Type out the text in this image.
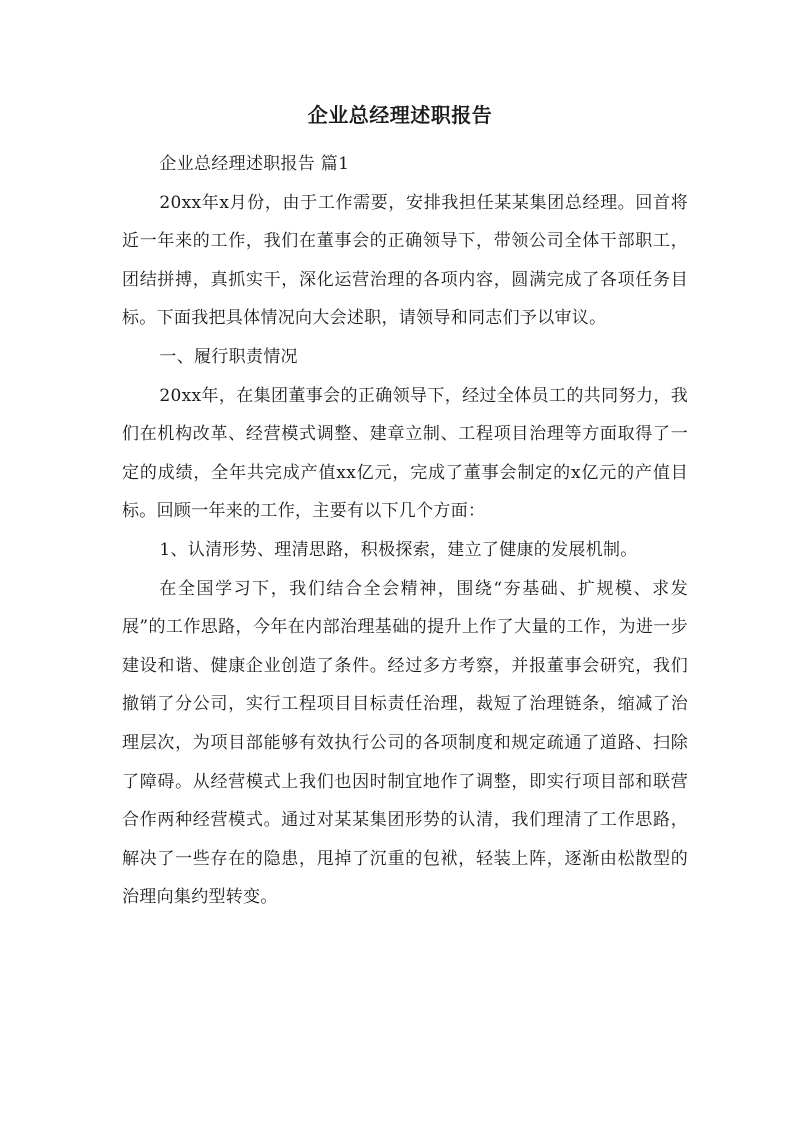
企业总经理述职报告

企业总经理述职报告 篇1

20xx年x月份，由于工作需要，安排我担任某某集团总经理。回首将近一年来的工作，我们在董事会的正确领导下，带领公司全体干部职工，团结拼搏，真抓实干，深化运营治理的各项内容，圆满完成了各项任务目标。下面我把具体情况向大会述职，请领导和同志们予以审议。

一、履行职责情况

20xx年，在集团董事会的正确领导下，经过全体员工的共同努力，我们在机构改革、经营模式调整、建章立制、工程项目治理等方面取得了一定的成绩，全年共完成产值xx亿元，完成了董事会制定的x亿元的产值目标。回顾一年来的工作，主要有以下几个方面：

1、认清形势、理清思路，积极探索，建立了健康的发展机制。

在全国学习下，我们结合全会精神，围绕“夯基础、扩规模、求发展”的工作思路，今年在内部治理基础的提升上作了大量的工作，为进一步建设和谐、健康企业创造了条件。经过多方考察，并报董事会研究，我们撤销了分公司，实行工程项目目标责任治理，裁短了治理链条，缩减了治理层次，为项目部能够有效执行公司的各项制度和规定疏通了道路、扫除了障碍。从经营模式上我们也因时制宜地作了调整，即实行项目部和联营合作两种经营模式。通过对某某集团形势的认清，我们理清了工作思路，解决了一些存在的隐患，甩掉了沉重的包袱，轻装上阵，逐渐由松散型的治理向集约型转变。
